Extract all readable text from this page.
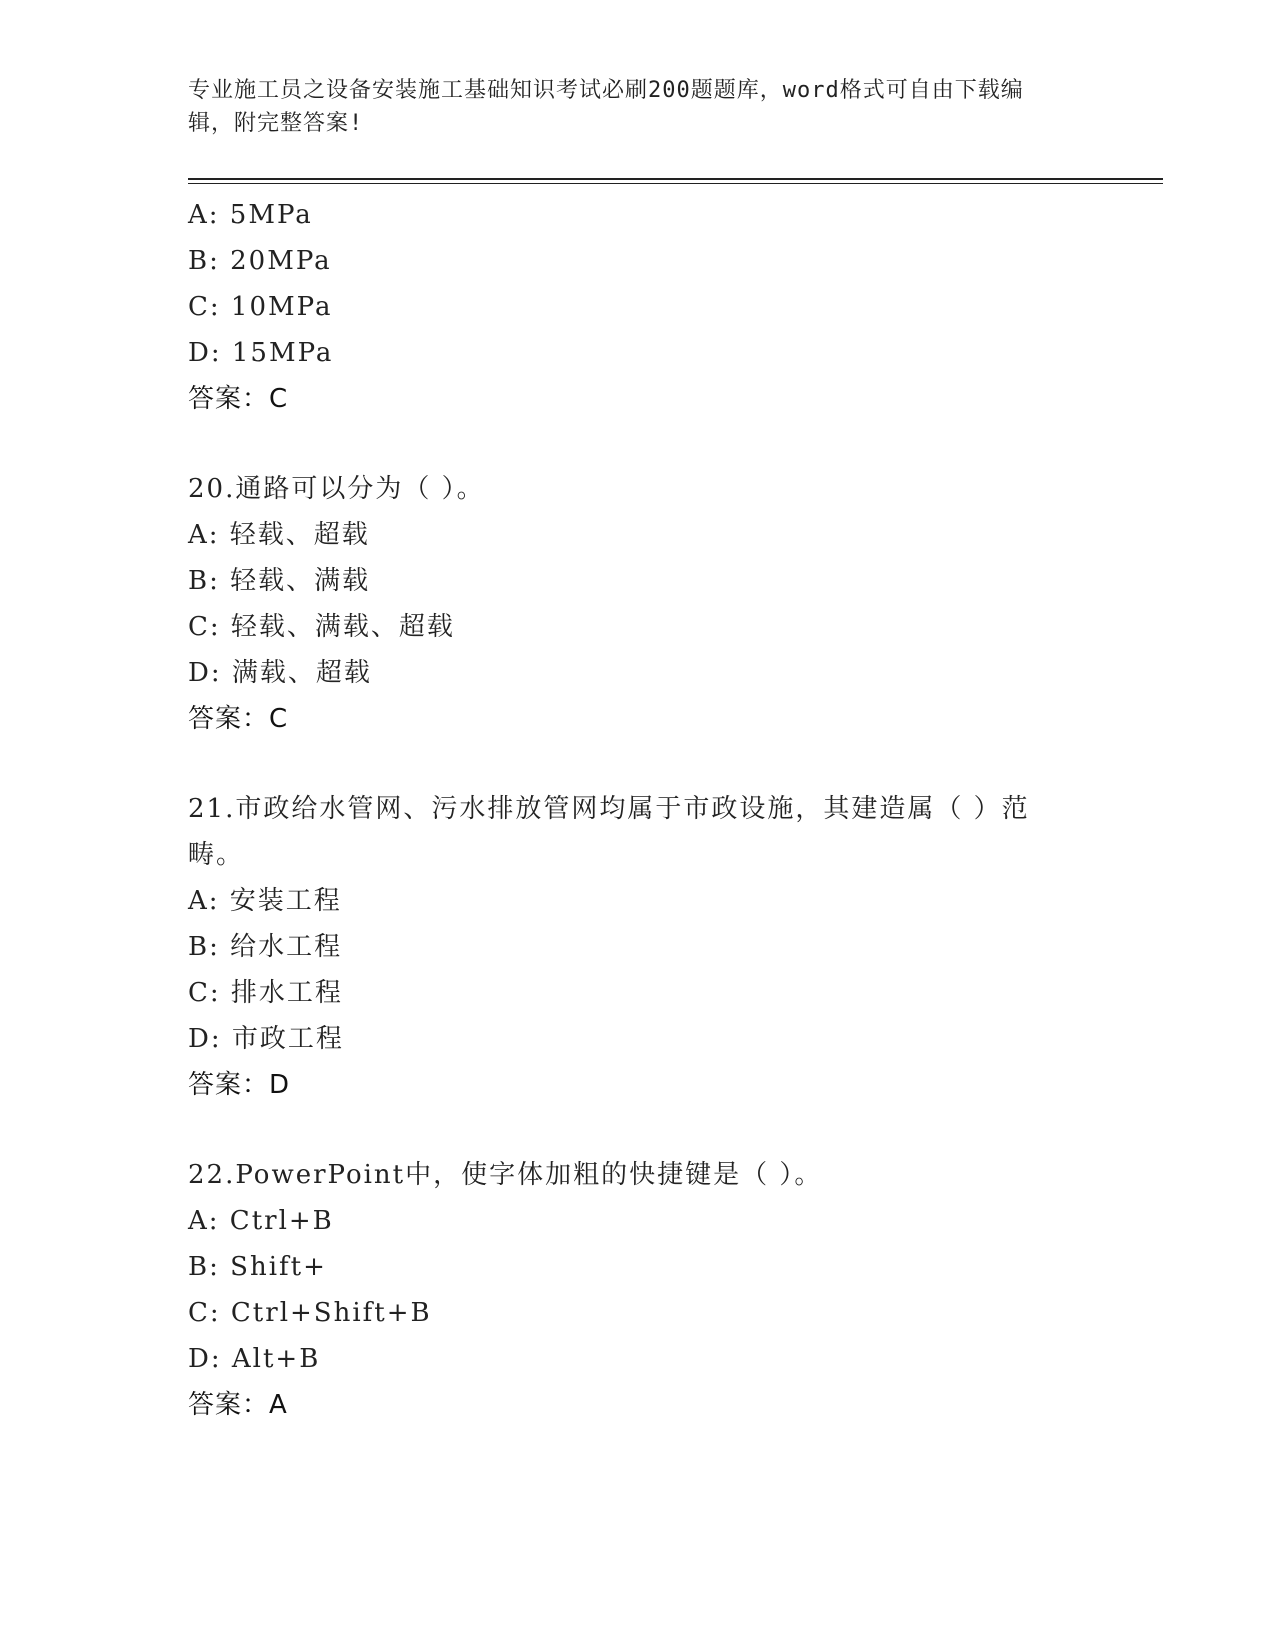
专业施工员之设备安装施工基础知识考试必刷200题题库，word格式可自由下载编辑，附完整答案!
A: 5MPa
B: 20MPa
C: 10MPa
D: 15MPa
答案：C
20.通路可以分为（ ）。
A: 轻载、超载
B: 轻载、满载
C: 轻载、满载、超载
D: 满载、超载
答案：C
21.市政给水管网、污水排放管网均属于市政设施，其建造属（ ）范畴。
A: 安装工程
B: 给水工程
C: 排水工程
D: 市政工程
答案：D
22.PowerPoint中，使字体加粗的快捷键是（ ）。
A: Ctrl+B
B: Shift+
C: Ctrl+Shift+B
D: Alt+B
答案：A
